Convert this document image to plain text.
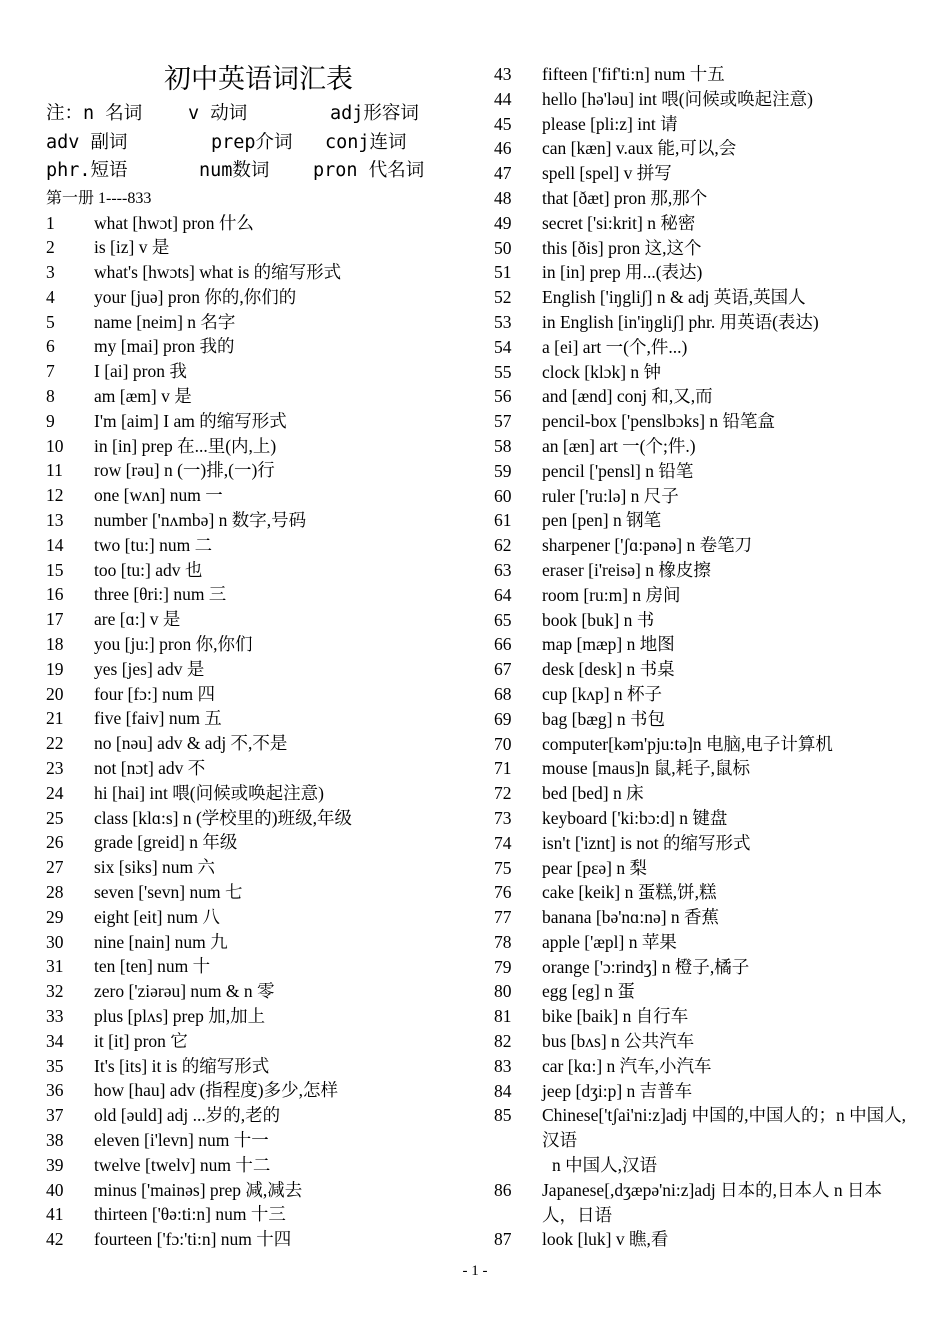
初中英语词汇表
注：n 名词 v 动词	adj形容词
adv 副词	prep介词 conj连词
phr.短语	num数词 pron 代名词
第一册 1----833
1	what [hwɔt] pron 什么
2	is [iz] v 是
3	what's [hwɔts] what is 的缩写形式
4	your [juə] pron 你的,你们的
5	name [neim] n 名字
6	my [mai] pron 我的
7	I [ai] pron 我
8	am [æm] v 是
9	I'm [aim] I am 的缩写形式
10	in [in] prep 在...里(内,上)
11	row [rəu] n (一)排,(一)行
12	one [wʌn] num 一
13	number ['nʌmbə] n 数字,号码
14	two [tu:] num 二
15	too [tu:] adv 也
16	three [θri:] num 三
17	are [ɑ:] v 是
18	you [ju:] pron 你,你们
19	yes [jes] adv 是
20	four [fɔ:] num 四
21	five [faiv] num 五
22	no [nəu] adv & adj 不,不是
23	not [nɔt] adv 不
24	hi [hai] int 喂(问候或唤起注意)
25	class [klɑ:s] n (学校里的)班级,年级
26	grade [greid] n 年级
27	six [siks] num 六
28	seven ['sevn] num 七
29	eight [eit] num 八
30	nine [nain] num 九
31	ten [ten] num 十
32	zero ['ziərəu] num & n 零
33	plus [plʌs] prep 加,加上
34	it [it] pron 它
35	It's [its] it is 的缩写形式
36	how [hau] adv (指程度)多少,怎样
37	old [əuld] adj ...岁的,老的
38	eleven [i'levn] num 十一
39	twelve [twelv] num 十二
40	minus ['mainəs] prep 减,减去
41	thirteen ['θə:ti:n] num 十三
42	fourteen ['fɔ:'ti:n] num 十四
43	fifteen ['fif'ti:n] num 十五
44	hello [hə'ləu] int 喂(问候或唤起注意)
45	please [pli:z] int 请
46	can [kæn] v.aux 能,可以,会
47	spell [spel] v 拼写
48	that [ðæt] pron 那,那个
49	secret ['si:krit] n 秘密
50	this [ðis] pron 这,这个
51	in [in] prep 用...(表达)
52	English ['iŋgliʃ] n & adj 英语,英国人
53	in English [in'iŋgliʃ] phr. 用英语(表达)
54	a [ei] art 一(个,件...)
55	clock [klɔk] n 钟
56	and [ænd] conj 和,又,而
57	pencil-box ['penslbɔks] n 铅笔盒
58	an [æn] art 一(个;件.)
59	pencil ['pensl] n 铅笔
60	ruler ['ru:lə] n 尺子
61	pen [pen] n 钢笔
62	sharpener ['ʃɑ:pənə] n 卷笔刀
63	eraser [i'reisə] n 橡皮擦
64	room [ru:m] n 房间
65	book [buk] n 书
66	map [mæp] n 地图
67	desk [desk] n 书桌
68	cup [kʌp] n 杯子
69	bag [bæg] n 书包
70	computer[kəm'pju:tə]n 电脑,电子计算机
71	mouse [maus]n 鼠,耗子,鼠标
72	bed [bed] n 床
73	keyboard ['ki:bɔ:d] n 键盘
74	isn't ['iznt] is not 的缩写形式
75	pear [pɛə] n 梨
76	cake [keik] n 蛋糕,饼,糕
77	banana [bə'nɑ:nə] n 香蕉
78	apple ['æpl] n 苹果
79	orange ['ɔ:rindʒ] n 橙子,橘子
80	egg [eg] n 蛋
81	bike [baik] n 自行车
82	bus [bʌs] n 公共汽车
83	car [kɑ:] n 汽车,小汽车
84	jeep [dʒi:p] n 吉普车
85	Chinese['tʃai'ni:z]adj 中国的,中国人的；n 中国人,汉语
n 中国人,汉语
86	Japanese[,dʒæpə'ni:z]adj 日本的,日本人 n 日本人，日语
87	look [luk] v 瞧,看
- 1 -
